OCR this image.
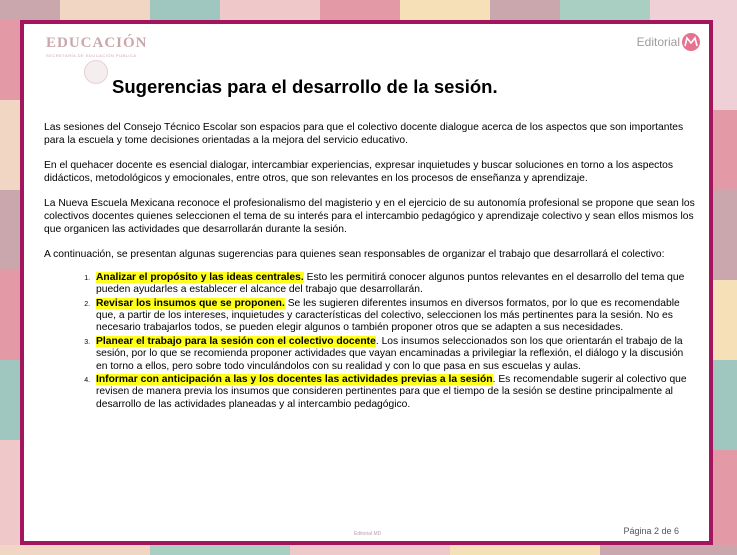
EDUCACIÓN
SECRETARÍA DE EDUCACIÓN PÚBLICA
Editorial
Sugerencias para el desarrollo de la sesión.

Las sesiones del Consejo Técnico Escolar son espacios para que el colectivo docente dialogue acerca de los aspectos que son importantes para la escuela y tome decisiones orientadas a la mejora del servicio educativo.

En el quehacer docente es esencial dialogar, intercambiar experiencias, expresar inquietudes y buscar soluciones en torno a los aspectos didácticos, metodológicos y emocionales, entre otros, que son relevantes en los procesos de enseñanza y aprendizaje.

La Nueva Escuela Mexicana reconoce el profesionalismo del magisterio y en el ejercicio de su autonomía profesional se propone que sean los colectivos docentes quienes seleccionen el tema de su interés para el intercambio pedagógico y aprendizaje colectivo y sean ellos mismos los que organicen las actividades que desarrollarán durante la sesión.

A continuación, se presentan algunas sugerencias para quienes sean responsables de organizar el trabajo que desarrollará el colectivo:

1. Analizar el propósito y las ideas centrales. Esto les permitirá conocer algunos puntos relevantes en el desarrollo del tema que pueden ayudarles a establecer el alcance del trabajo que desarrollarán.
2. Revisar los insumos que se proponen. Se les sugieren diferentes insumos en diversos formatos, por lo que es recomendable que, a partir de los intereses, inquietudes y características del colectivo, seleccionen los más pertinentes para la sesión. No es necesario trabajarlos todos, se pueden elegir algunos o también proponer otros que se adapten a sus necesidades.
3. Planear el trabajo para la sesión con el colectivo docente. Los insumos seleccionados son los que orientarán el trabajo de la sesión, por lo que se recomienda proponer actividades que vayan encaminadas a privilegiar la reflexión, el diálogo y la discusión en torno a ellos, pero sobre todo vinculándolos con su realidad y con lo que pasa en sus escuelas y aulas.
4. Informar con anticipación a las y los docentes las actividades previas a la sesión. Es recomendable sugerir al colectivo que revisen de manera previa los insumos que consideren pertinentes para que el tiempo de la sesión se destine principalmente al desarrollo de las actividades planeadas y al intercambio pedagógico.
Editorial MD	Página 2 de 6
